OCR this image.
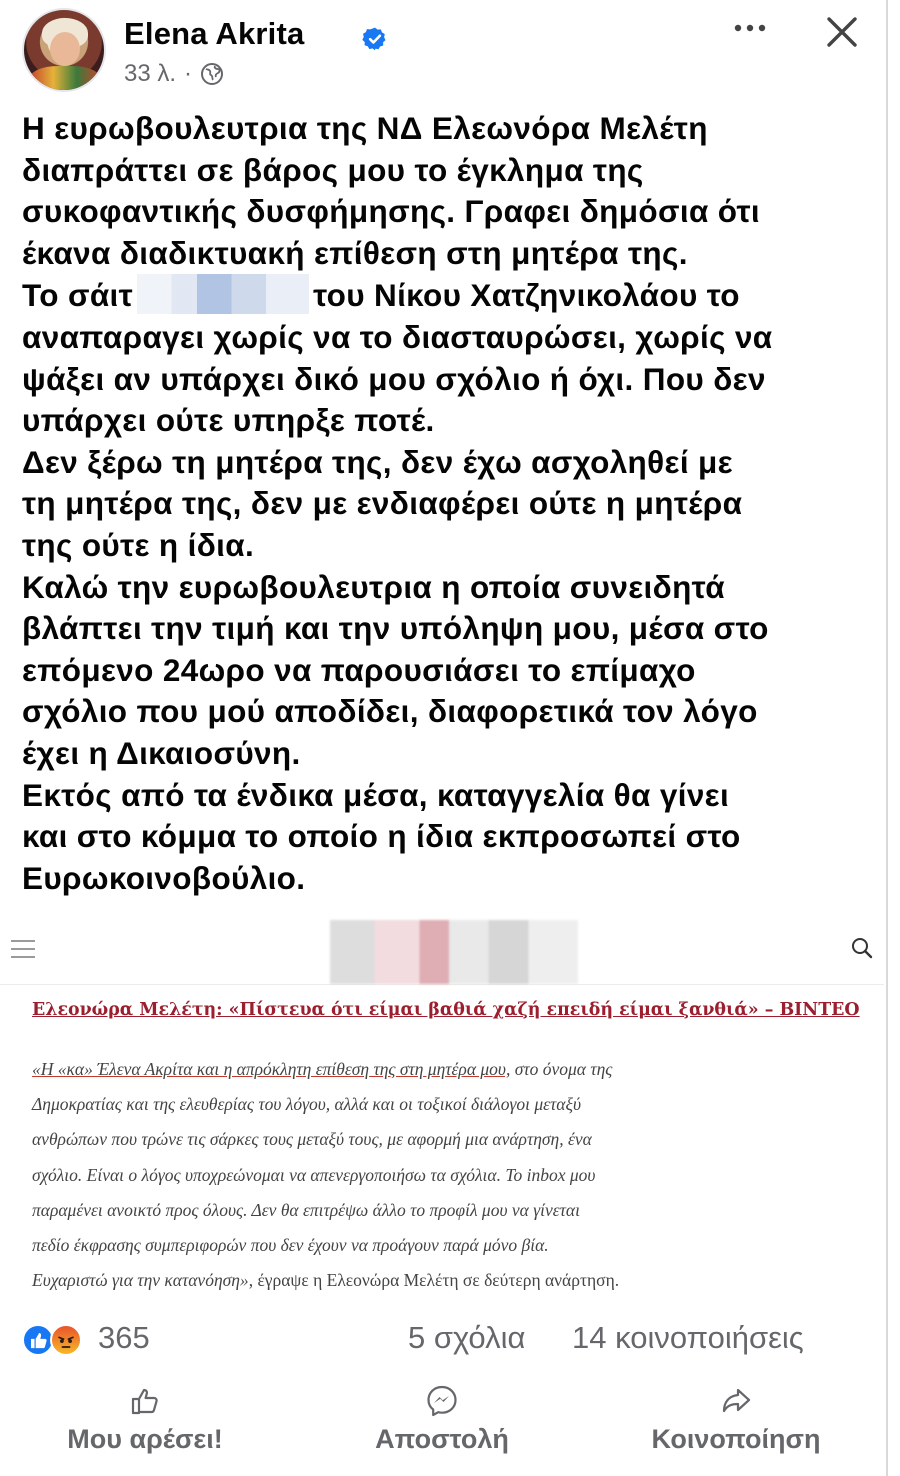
Elena Akrita
33 λ. ·

Η ευρωβουλευτρια της ΝΔ Ελεωνόρα Μελέτη

διαπράττει σε βάρος μου το έγκλημα της

συκοφαντικής δυσφήμησης. Γραφει δημόσια ότι

έκανα διαδικτυακή επίθεση στη μητέρα της.

Το σάιτ	του Νίκου Χατζηνικολάου το

αναπαραγει χωρίς να το διασταυρώσει, χωρίς να

ψάξει αν υπάρχει δικό μου σχόλιο ή όχι. Που δεν

υπάρχει ούτε υπηρξε ποτέ.

Δεν ξέρω τη μητέρα της, δεν έχω ασχοληθεί με

τη μητέρα της, δεν με ενδιαφέρει ούτε η μητέρα

της ούτε η ίδια.

Καλώ την ευρωβουλευτρια η οποία συνειδητά

βλάπτει την τιμή και την υπόληψη μου, μέσα στο

επόμενο 24ωρο να παρουσιάσει το επίμαχο

σχόλιο που μού αποδίδει, διαφορετικά τον λόγο

έχει η Δικαιοσύνη.

Εκτός από τα ένδικα μέσα, καταγγελία θα γίνει

και στο κόμμα το οποίο η ίδια εκπροσωπεί στο

Ευρωκοινοβούλιο.

Ελεονώρα Μελέτη: «Πίστευα ότι είμαι βαθιά χαζή επειδή είμαι ξανθιά» – ΒΙΝΤΕΟ
«Η «κα» Έλενα Ακρίτα και η απρόκλητη επίθεση της στη μητέρα μου, στο όνομα της
Δημοκρατίας και της ελευθερίας του λόγου, αλλά και οι τοξικοί διάλογοι μεταξύ
ανθρώπων που τρώνε τις σάρκες τους μεταξύ τους, με αφορμή μια ανάρτηση, ένα
σχόλιο. Είναι ο λόγος υποχρεώνομαι να απενεργοποιήσω τα σχόλια. Το inbox μου
παραμένει ανοικτό προς όλους. Δεν θα επιτρέψω άλλο το προφίλ μου να γίνεται
πεδίο έκφρασης συμπεριφορών που δεν έχουν να προάγουν παρά μόνο βία.
Ευχαριστώ για την κατανόηση», έγραψε η Ελεονώρα Μελέτη σε δεύτερη ανάρτηση.
365	5 σχόλια 14 κοινοποιήσεις
Μου αρέσει!	Αποστολή	Κοινοποίηση
